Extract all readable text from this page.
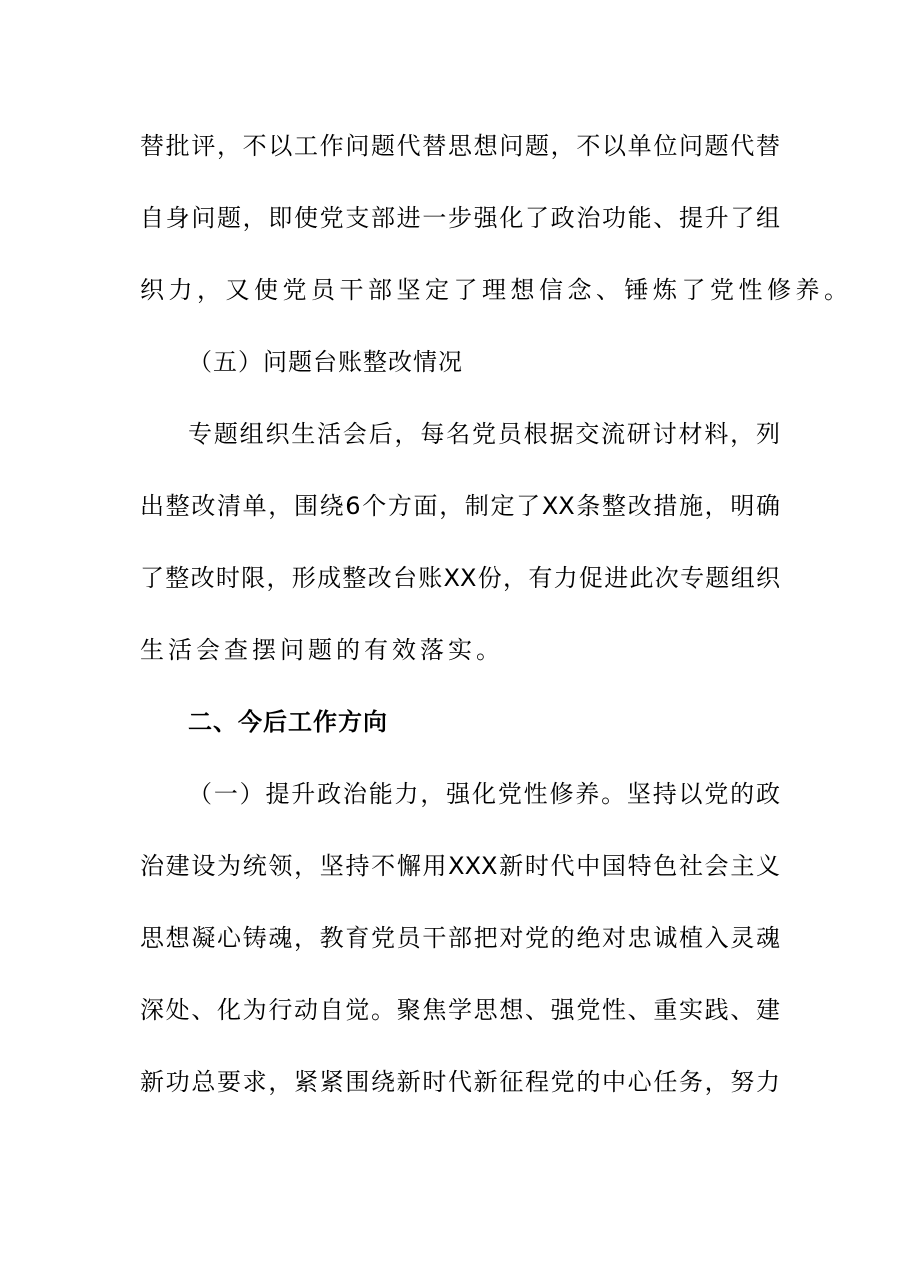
替批评，不以工作问题代替思想问题，不以单位问题代替
自身问题，即使党支部进一步强化了政治功能、提升了组
织力，又使党员干部坚定了理想信念、锤炼了党性修养。
（五）问题台账整改情况
专题组织生活会后，每名党员根据交流研讨材料，列
出整改清单，围绕6个方面，制定了XX条整改措施，明确
了整改时限，形成整改台账XX份，有力促进此次专题组织
生活会查摆问题的有效落实。
二、今后工作方向
（一）提升政治能力，强化党性修养。坚持以党的政
治建设为统领，坚持不懈用XXX新时代中国特色社会主义
思想凝心铸魂，教育党员干部把对党的绝对忠诚植入灵魂
深处、化为行动自觉。聚焦学思想、强党性、重实践、建
新功总要求，紧紧围绕新时代新征程党的中心任务，努力
